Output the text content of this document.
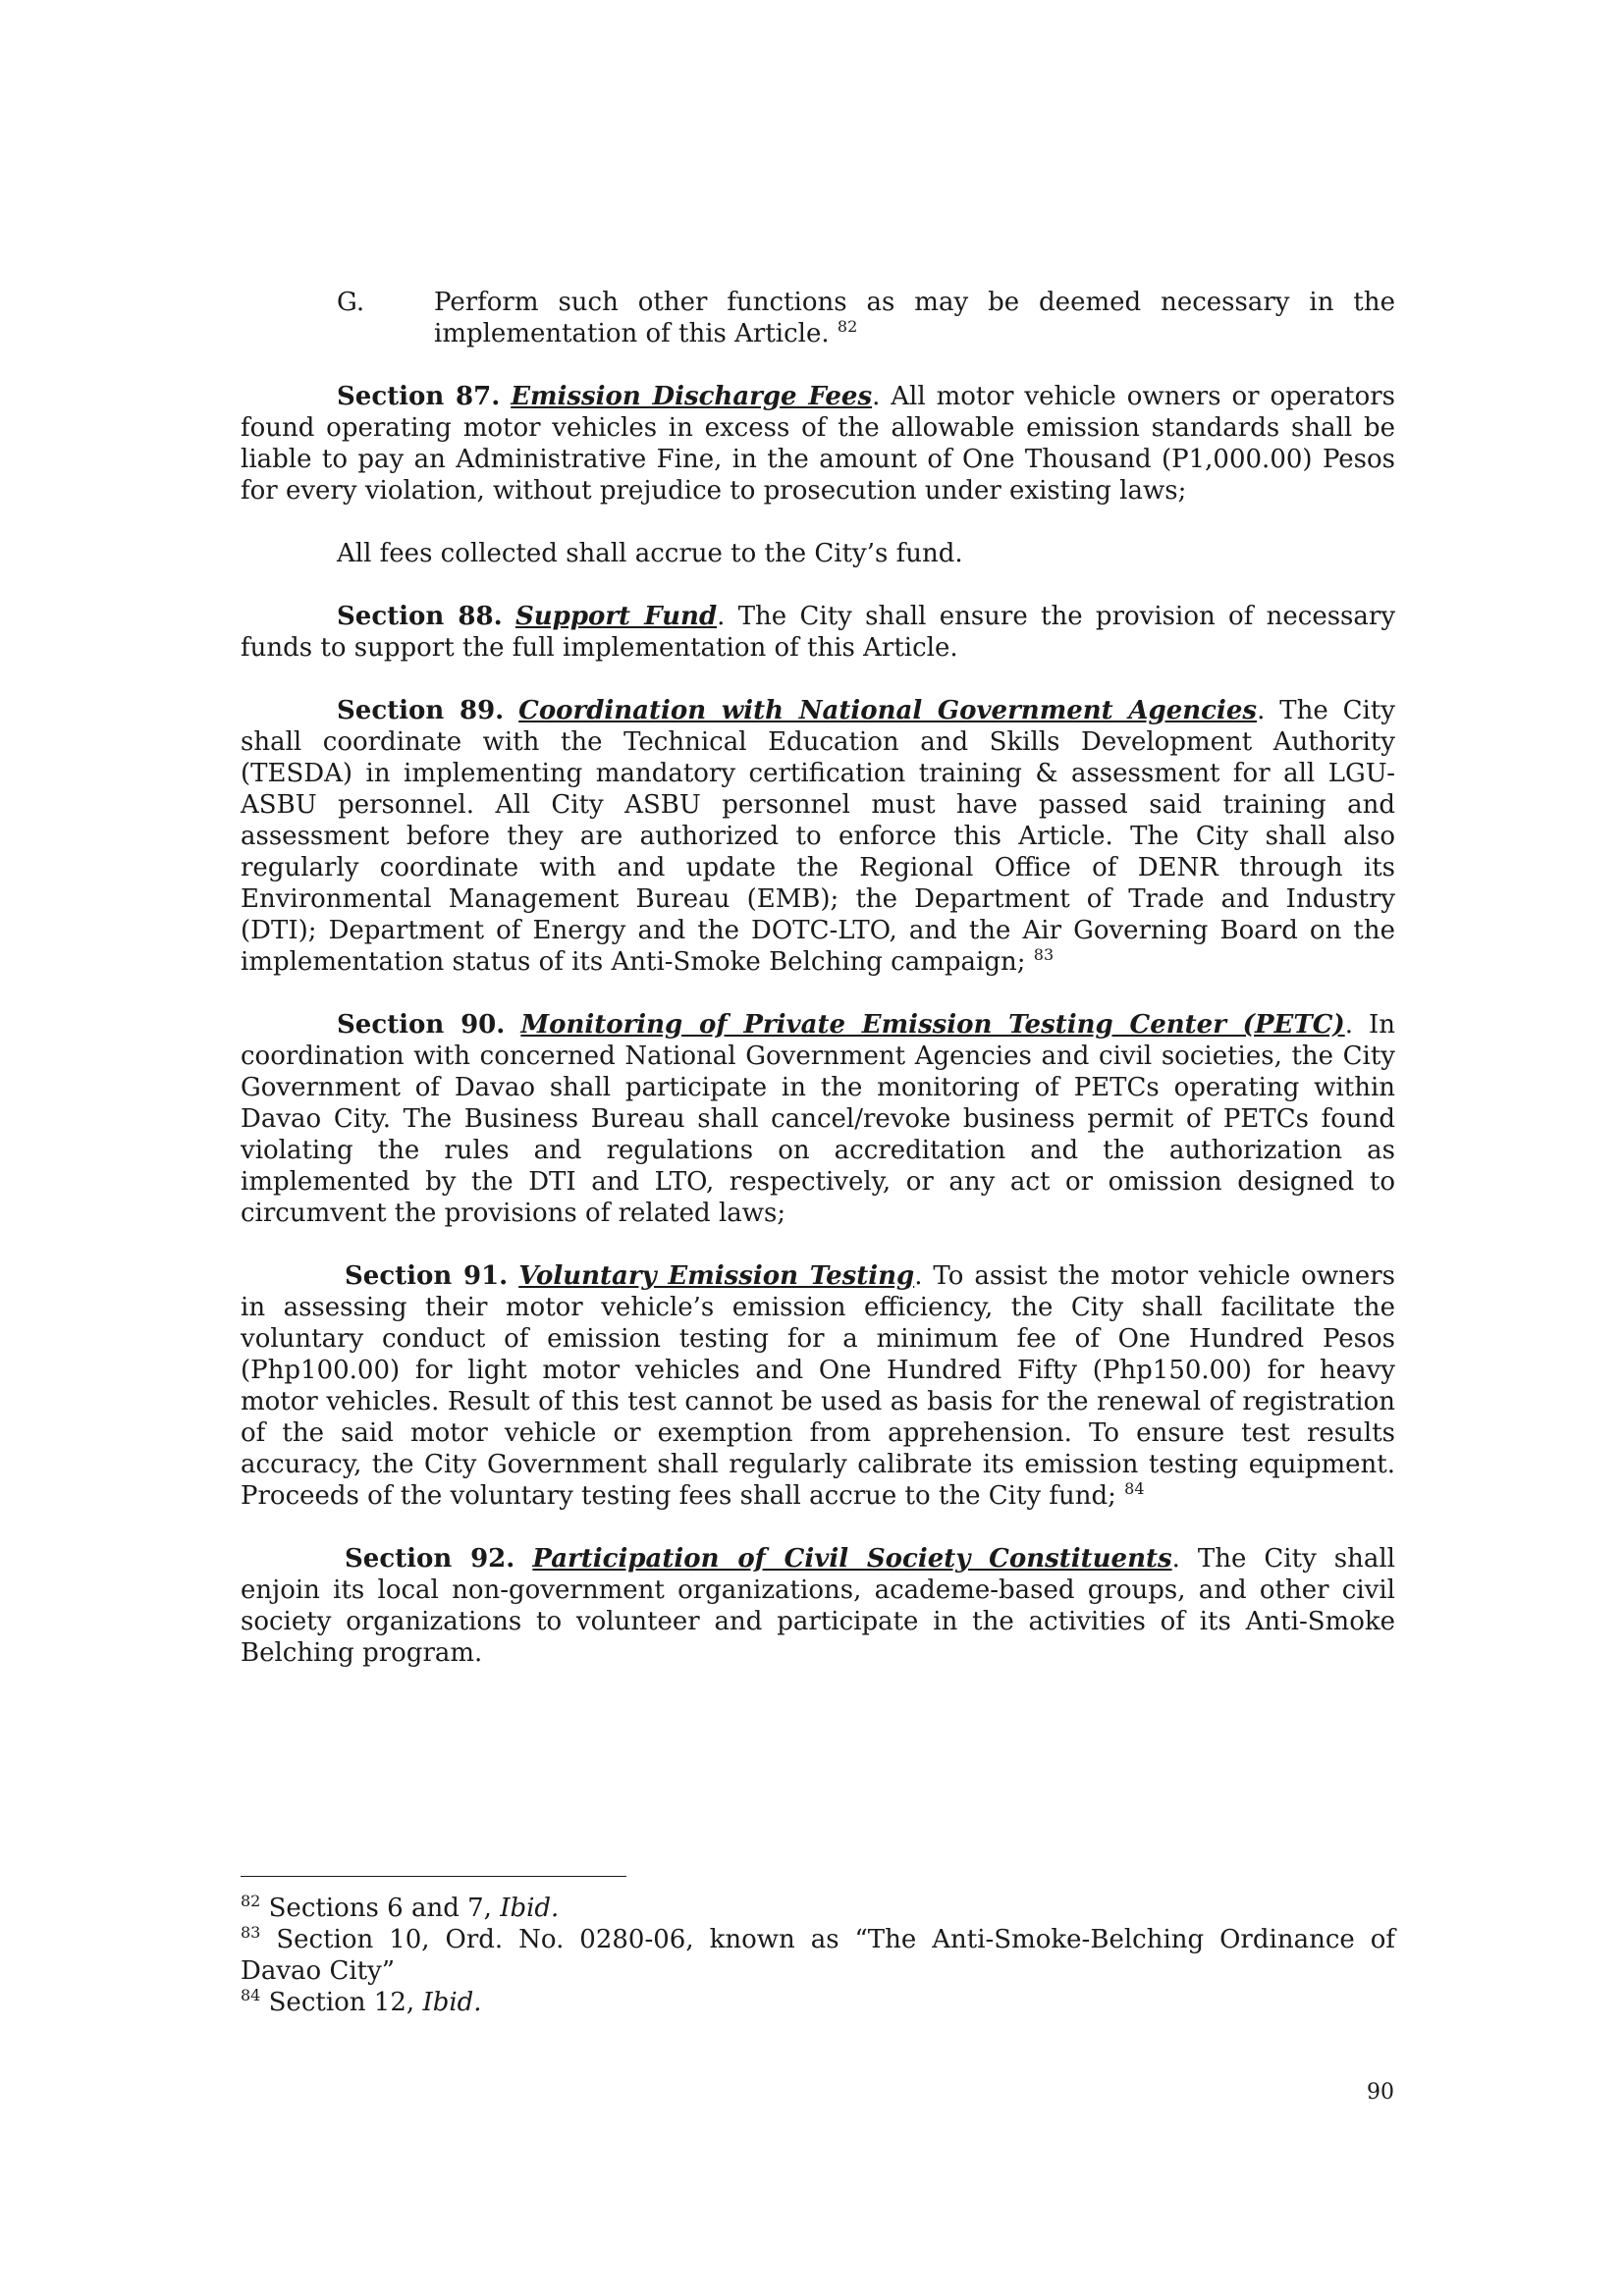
G.	Perform such other functions as may be deemed necessary in the implementation of this Article. $^{82}$

Section 87. Emission Discharge Fees. All motor vehicle owners or operators found operating motor vehicles in excess of the allowable emission standards shall be liable to pay an Administrative Fine, in the amount of One Thousand (P1,000.00) Pesos for every violation, without prejudice to prosecution under existing laws;

All fees collected shall accrue to the City’s fund.

Section 88. Support Fund. The City shall ensure the provision of necessary funds to support the full implementation of this Article.

Section 89. Coordination with National Government Agencies. The City shall coordinate with the Technical Education and Skills Development Authority (TESDA) in implementing mandatory certification training & assessment for all LGU-ASBU personnel. All City ASBU personnel must have passed said training and assessment before they are authorized to enforce this Article. The City shall also regularly coordinate with and update the Regional Office of DENR through its Environmental Management Bureau (EMB); the Department of Trade and Industry (DTI); Department of Energy and the DOTC-LTO, and the Air Governing Board on the implementation status of its Anti-Smoke Belching campaign; $^{83}$

Section 90. Monitoring of Private Emission Testing Center (PETC). In coordination with concerned National Government Agencies and civil societies, the City Government of Davao shall participate in the monitoring of PETCs operating within Davao City. The Business Bureau shall cancel/revoke business permit of PETCs found violating the rules and regulations on accreditation and the authorization as implemented by the DTI and LTO, respectively, or any act or omission designed to circumvent the provisions of related laws;

Section 91. Voluntary Emission Testing. To assist the motor vehicle owners in assessing their motor vehicle’s emission efficiency, the City shall facilitate the voluntary conduct of emission testing for a minimum fee of One Hundred Pesos (Php100.00) for light motor vehicles and One Hundred Fifty (Php150.00) for heavy motor vehicles. Result of this test cannot be used as basis for the renewal of registration of the said motor vehicle or exemption from apprehension. To ensure test results accuracy, the City Government shall regularly calibrate its emission testing equipment. Proceeds of the voluntary testing fees shall accrue to the City fund; $^{84}$

Section 92. Participation of Civil Society Constituents. The City shall enjoin its local non-government organizations, academe-based groups, and other civil society organizations to volunteer and participate in the activities of its Anti-Smoke Belching program.

$^{82}$ Sections 6 and 7, Ibid.

$^{83}$ Section 10, Ord. No. 0280-06, known as “The Anti-Smoke-Belching Ordinance of Davao City”

$^{84}$ Section 12, Ibid.

90
